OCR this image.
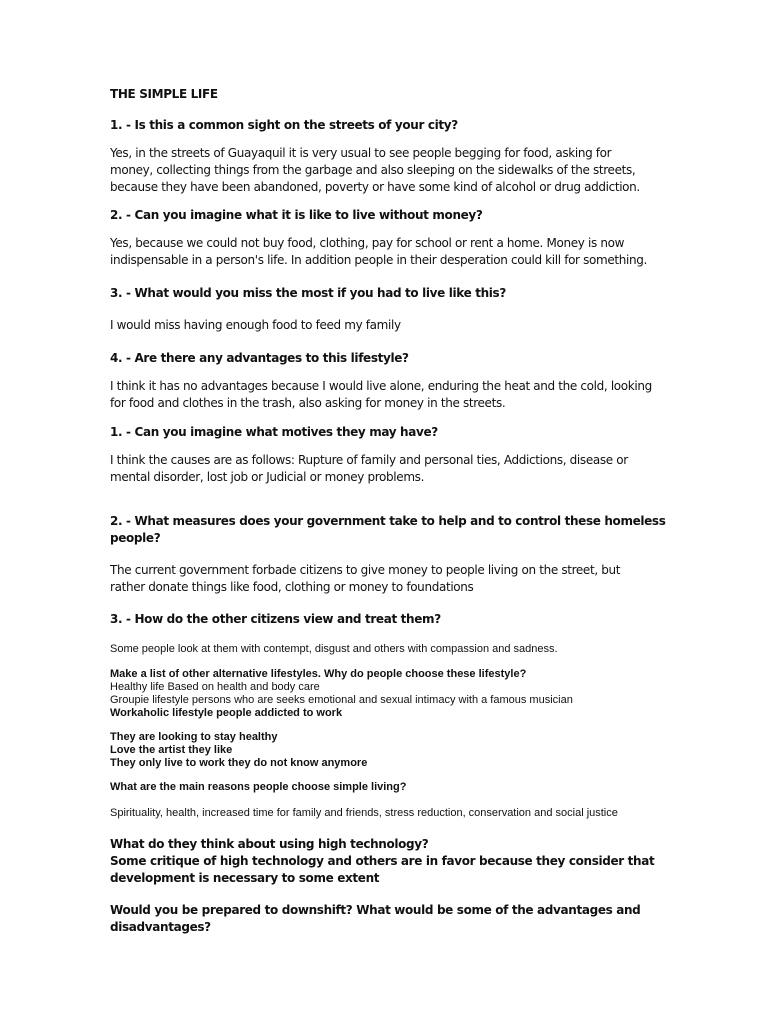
THE SIMPLE LIFE

1. - Is this a common sight on the streets of your city?

Yes, in the streets of Guayaquil it is very usual to see people begging for food, asking for
money, collecting things from the garbage and also sleeping on the sidewalks of the streets,
because they have been abandoned, poverty or have some kind of alcohol or drug addiction.

2. - Can you imagine what it is like to live without money?

Yes, because we could not buy food, clothing, pay for school or rent a home. Money is now
indispensable in a person's life. In addition people in their desperation could kill for something.

3. - What would you miss the most if you had to live like this?

I would miss having enough food to feed my family

4. - Are there any advantages to this lifestyle?

I think it has no advantages because I would live alone, enduring the heat and the cold, looking
for food and clothes in the trash, also asking for money in the streets.

1. - Can you imagine what motives they may have?

I think the causes are as follows: Rupture of family and personal ties, Addictions, disease or
mental disorder, lost job or Judicial or money problems.
2. - What measures does your government take to help and to control these homeless
people?
The current government forbade citizens to give money to people living on the street, but
rather donate things like food, clothing or money to foundations

3. - How do the other citizens view and treat them?

Some people look at them with contempt, disgust and others with compassion and sadness.

Make a list of other alternative lifestyles. Why do people choose these lifestyle?
Healthy life Based on health and body care
Groupie lifestyle persons who are seeks emotional and sexual intimacy with a famous musician
Workaholic lifestyle people addicted to work
They are looking to stay healthy
Love the artist they like
They only live to work they do not know anymore

What are the main reasons people choose simple living?

Spirituality, health, increased time for family and friends, stress reduction, conservation and social justice

What do they think about using high technology?
Some critique of high technology and others are in favor because they consider that
development is necessary to some extent
Would you be prepared to downshift? What would be some of the advantages and
disadvantages?
